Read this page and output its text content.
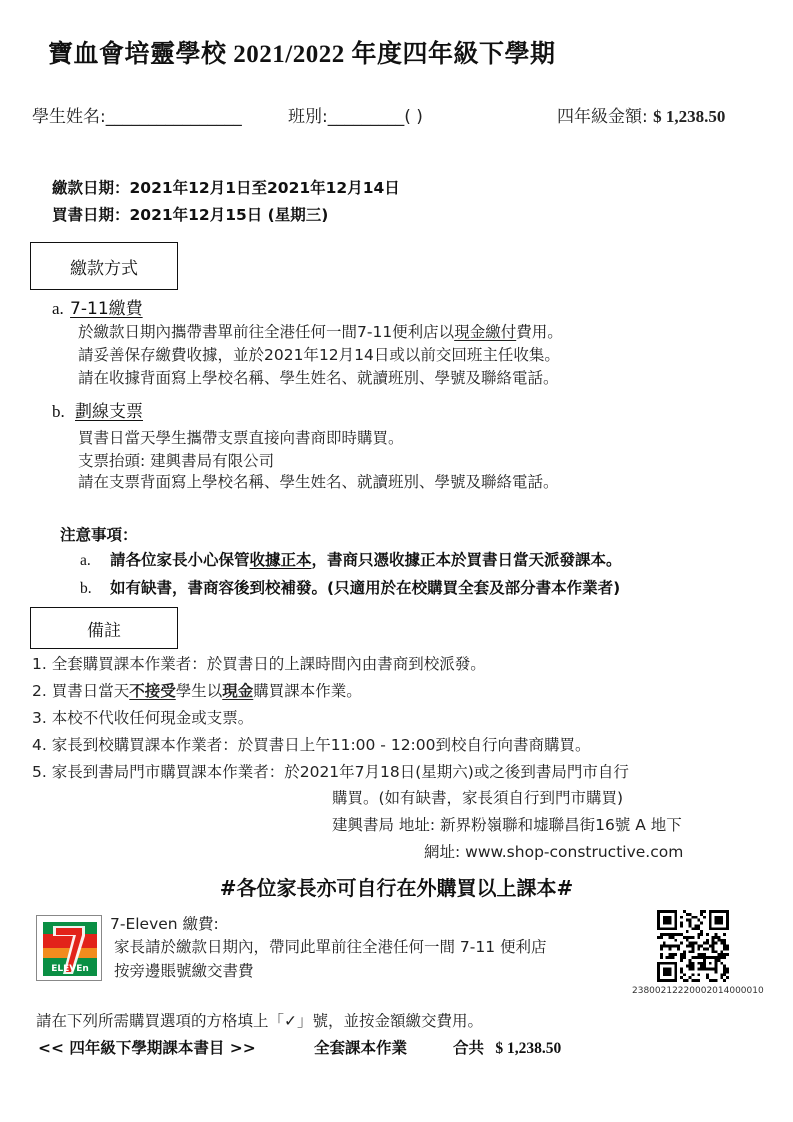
寶血會培靈學校 2021/2022 年度四年級下學期
學生姓名:________________	班別:_________( )	四年級金額: $ 1,238.50
繳款日期：2021年12月1日至2021年12月14日
買書日期：2021年12月15日 (星期三)
繳款方式
a. 7-11繳費
於繳款日期內攜帶書單前往全港任何一間7-11便利店以現金繳付費用。
請妥善保存繳費收據，並於2021年12月14日或以前交回班主任收集。
請在收據背面寫上學校名稱、學生姓名、就讀班別、學號及聯絡電話。
b. 劃線支票
買書日當天學生攜帶支票直接向書商即時購買。
支票抬頭: 建興書局有限公司
請在支票背面寫上學校名稱、學生姓名、就讀班別、學號及聯絡電話。
注意事項：
a. 請各位家長小心保管收據正本，書商只憑收據正本於買書日當天派發課本。
b. 如有缺書，書商容後到校補發。(只適用於在校購買全套及部分書本作業者)
備註
1. 全套購買課本作業者：於買書日的上課時間內由書商到校派發。
2. 買書日當天不接受學生以現金購買課本作業。
3. 本校不代收任何現金或支票。
4. 家長到校購買課本作業者：於買書日上午11:00 - 12:00到校自行向書商購買。
5. 家長到書局門市購買課本作業者：於2021年7月18日(星期六)或之後到書局門市自行
購買。(如有缺書，家長須自行到門市購買)
建興書局 地址: 新界粉嶺聯和墟聯昌街16號 A 地下
網址: www.shop-constructive.com
#各位家長亦可自行在外購買以上課本#
ELEVEn
7-Eleven 繳費:
家長請於繳款日期內，帶同此單前往全港任何一間 7-11 便利店
按旁邊賬號繳交書費
23800212220002014000010
請在下列所需購買選項的方格填上「✓」號，並按金額繳交費用。
<< 四年級下學期課本書目 >>	全套課本作業	合共 $ 1,238.50
